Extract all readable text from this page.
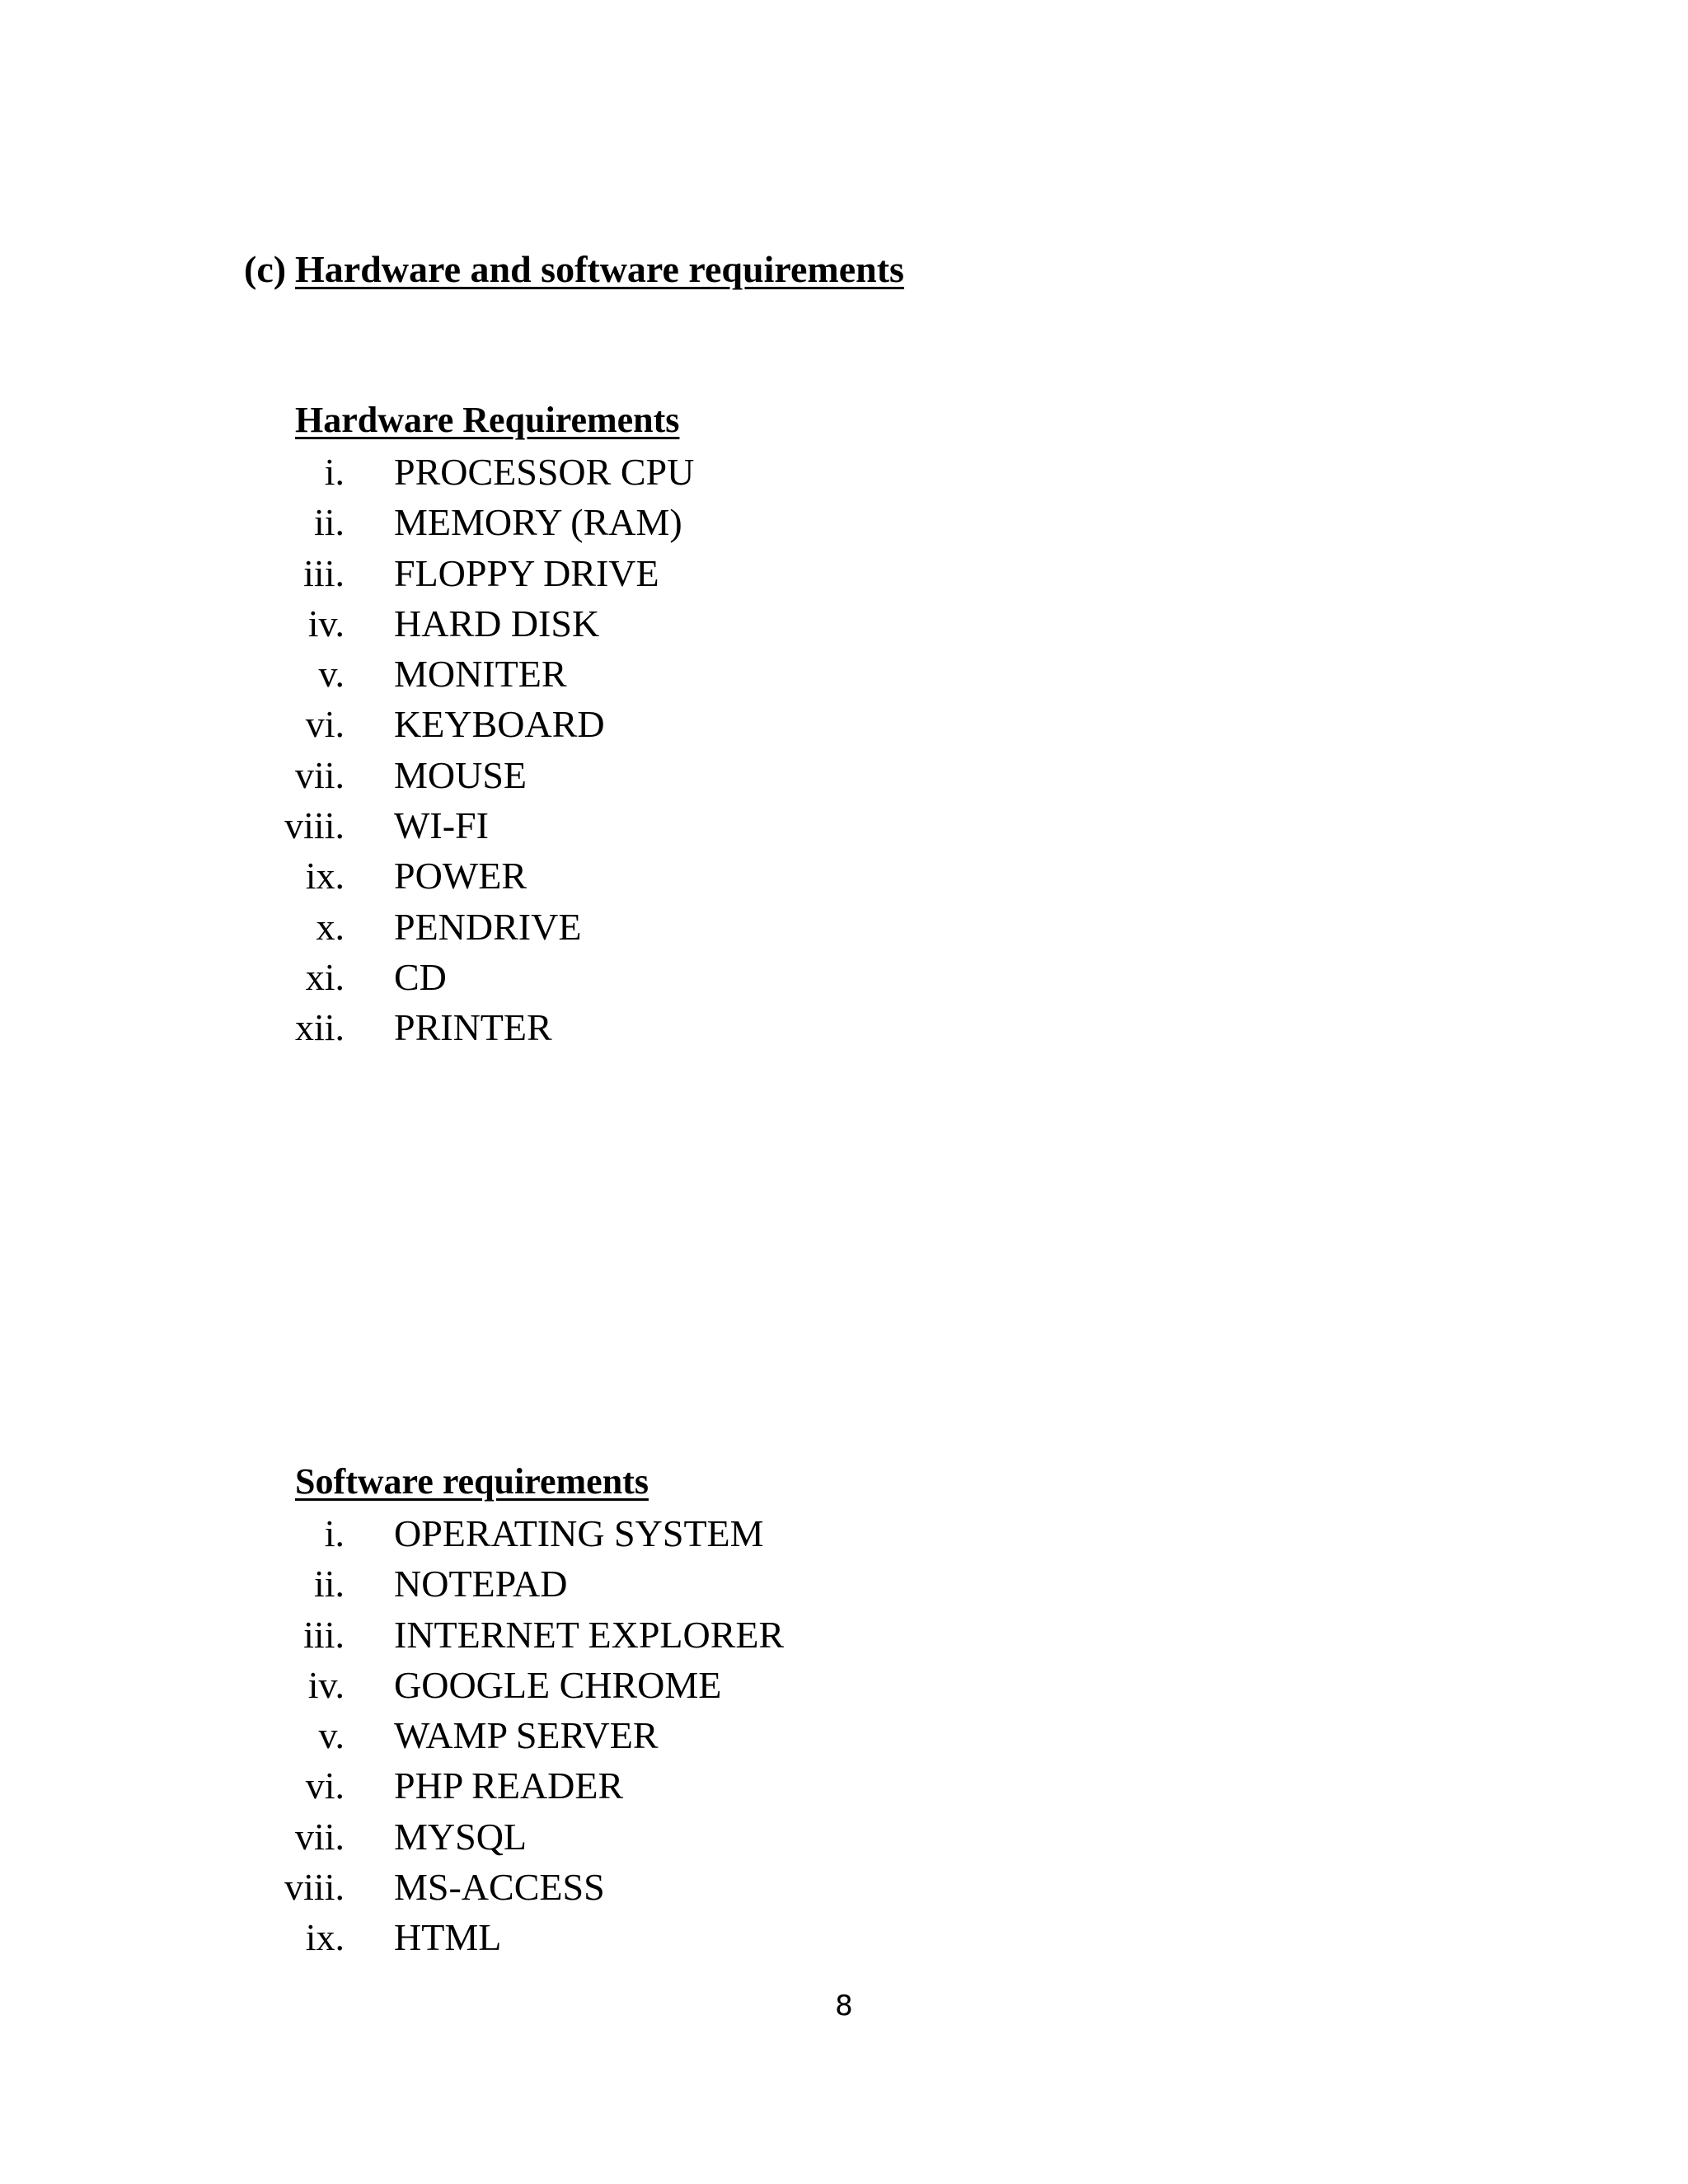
(c) Hardware and software requirements
Hardware Requirements
i.	PROCESSOR CPU
ii.	MEMORY (RAM)
iii.	FLOPPY DRIVE
iv.	HARD DISK
v.	MONITER
vi.	KEYBOARD
vii.	MOUSE
viii.	WI-FI
ix.	POWER
x.	PENDRIVE
xi.	CD
xii.	PRINTER
Software requirements
i.	OPERATING SYSTEM
ii.	NOTEPAD
iii.	INTERNET EXPLORER
iv.	GOOGLE CHROME
v.	WAMP SERVER
vi.	PHP READER
vii.	MYSQL
viii.	MS-ACCESS
ix.	HTML
8
